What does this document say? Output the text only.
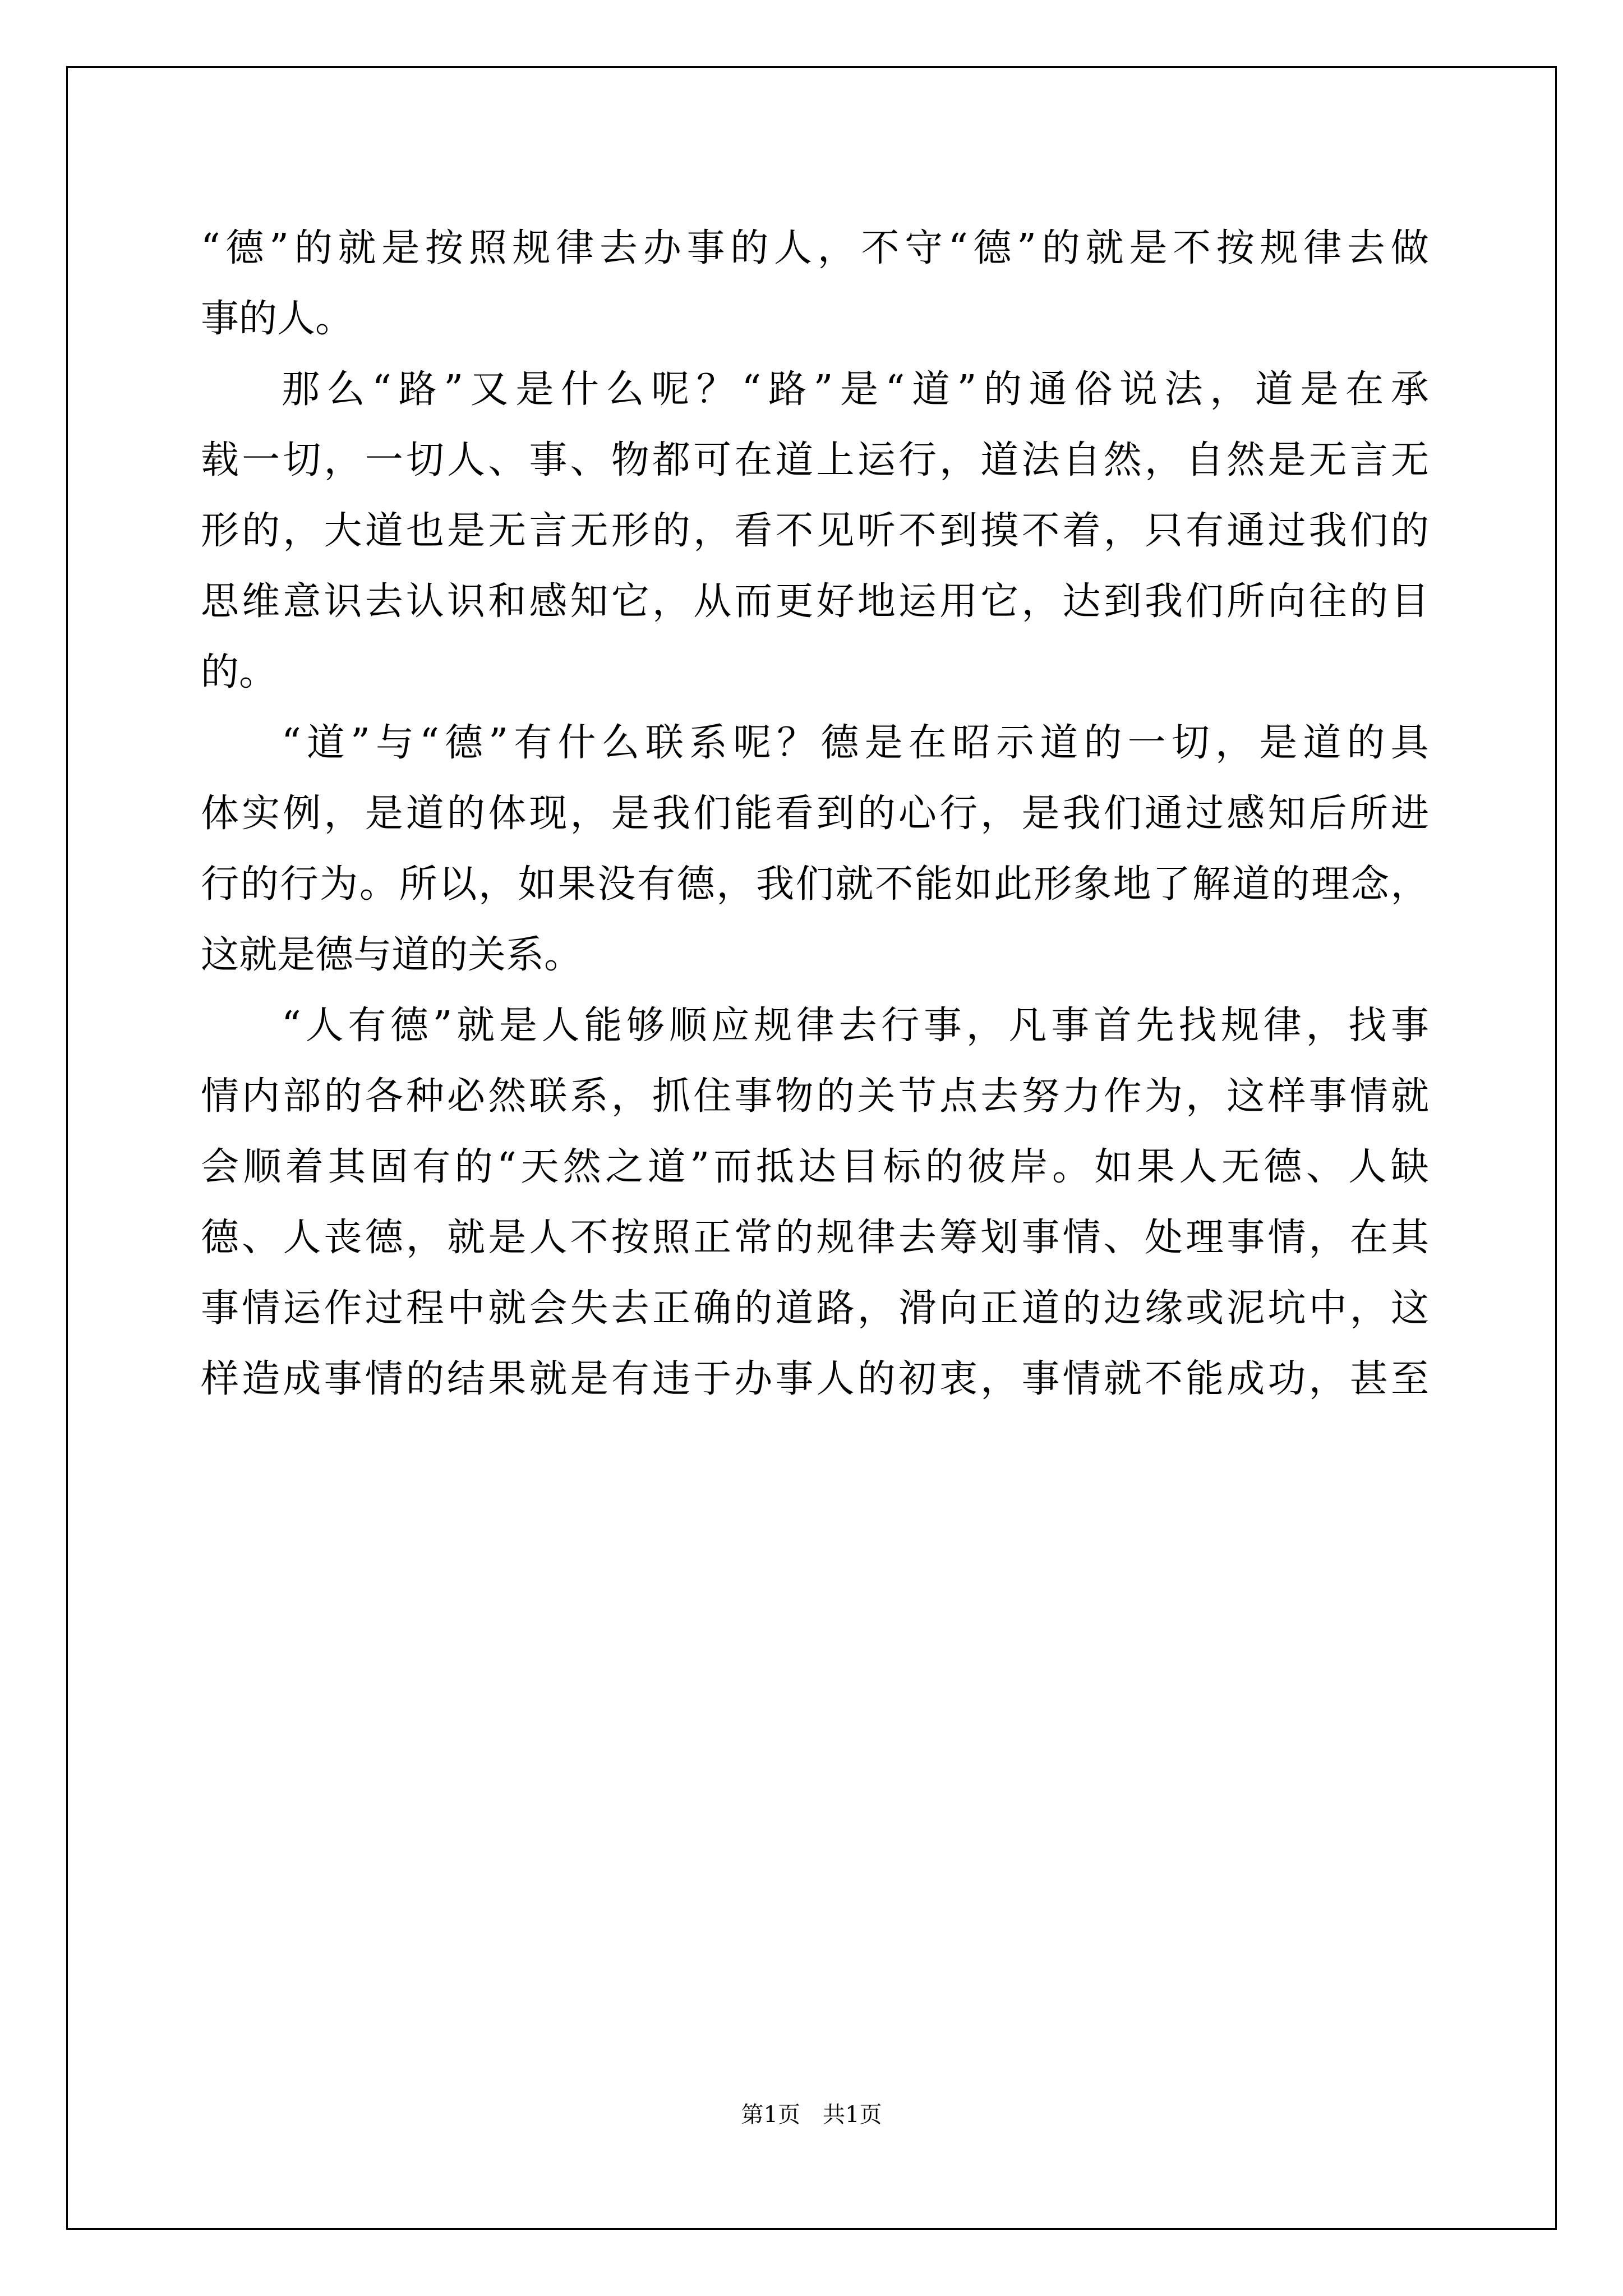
“ 德 ” 的 就 是 按 照 规 律 去 办 事 的 人 ， 不 守 “ 德 ” 的 就 是 不 按 规 律 去 做
事的人。
那 么 “ 路 ” 又 是 什 么 呢 ？ “ 路 ” 是 “ 道 ” 的 通 俗 说 法 ， 道 是 在 承
载 一 切 ， 一 切 人 、 事 、 物 都 可 在 道 上 运 行 ， 道 法 自 然 ， 自 然 是 无 言 无
形 的 ， 大 道 也 是 无 言 无 形 的 ， 看 不 见 听 不 到 摸 不 着 ， 只 有 通 过 我 们 的
思 维 意 识 去 认 识 和 感 知 它 ， 从 而 更 好 地 运 用 它 ， 达 到 我 们 所 向 往 的 目
的。
“ 道 ” 与 “ 德 ” 有 什 么 联 系 呢 ？ 德 是 在 昭 示 道 的 一 切 ， 是 道 的 具
体 实 例 ， 是 道 的 体 现 ， 是 我 们 能 看 到 的 心 行 ， 是 我 们 通 过 感 知 后 所 进
行 的 行 为 。 所 以 ， 如 果 没 有 德 ， 我 们 就 不 能 如 此 形 象 地 了 解 道 的 理 念 ，
这就是德与道的关系。
“ 人 有 德 ” 就 是 人 能 够 顺 应 规 律 去 行 事 ， 凡 事 首 先 找 规 律 ， 找 事
情 内 部 的 各 种 必 然 联 系 ， 抓 住 事 物 的 关 节 点 去 努 力 作 为 ， 这 样 事 情 就
会 顺 着 其 固 有 的 “ 天 然 之 道 ” 而 抵 达 目 标 的 彼 岸 。 如 果 人 无 德 、 人 缺
德 、 人 丧 德 ， 就 是 人 不 按 照 正 常 的 规 律 去 筹 划 事 情 、 处 理 事 情 ， 在 其
事 情 运 作 过 程 中 就 会 失 去 正 确 的 道 路 ， 滑 向 正 道 的 边 缘 或 泥 坑 中 ， 这
样 造 成 事 情 的 结 果 就 是 有 违 于 办 事 人 的 初 衷 ， 事 情 就 不 能 成 功 ， 甚 至
第1页　共1页
